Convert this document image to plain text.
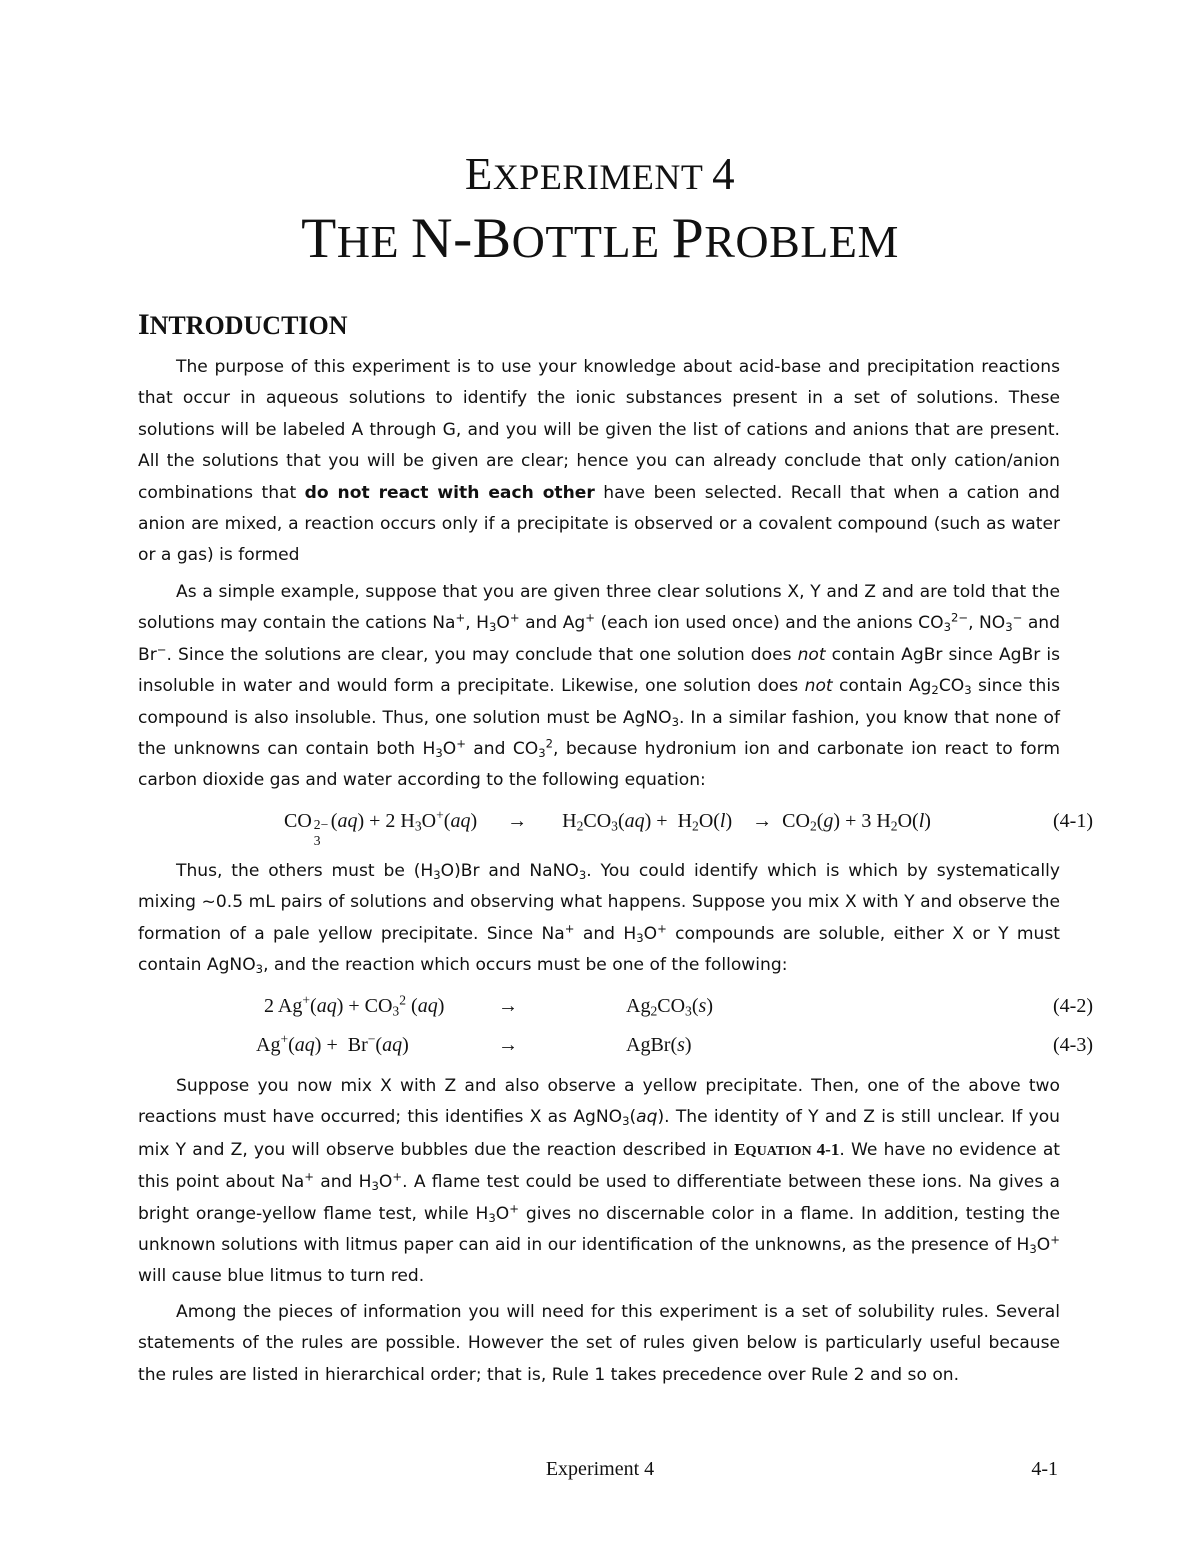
EXPERIMENT 4
THE N-BOTTLE PROBLEM
INTRODUCTION

The purpose of this experiment is to use your knowledge about acid-base and precipitation reactions that occur in aqueous solutions to identify the ionic substances present in a set of solutions. These solutions will be labeled A through G, and you will be given the list of cations and anions that are present. All the solutions that you will be given are clear; hence you can already conclude that only cation/anion combinations that do not react with each other have been selected. Recall that when a cation and anion are mixed, a reaction occurs only if a precipitate is observed or a covalent compound (such as water or a gas) is formed

As a simple example, suppose that you are given three clear solutions X, Y and Z and are told that the solutions may contain the cations Na+, $H_3O^+$ and Ag+ (each ion used once) and the anions $CO_3^{2-}$, $NO_3^-$ and Br−. Since the solutions are clear, you may conclude that one solution does not contain AgBr since AgBr is insoluble in water and would form a precipitate. Likewise, one solution does not contain $Ag_2CO_3$ since this compound is also insoluble. Thus, one solution must be AgNO$_3$. In a similar fashion, you know that none of the unknowns can contain both $H_3O^+$ and $CO_3^2$, because hydronium ion and carbonate ion react to form carbon dioxide gas and water according to the following equation:

CO 2−
3
(aq) + 2 $H_3O^+(aq)$      →       $H_2CO_3(aq) + H_2O(l)$    →  $CO_2(g) + 3$ $H_2O(l)$	(4-1)

Thus, the others must be $(H_3O)Br$ and NaNO$_3$. You could identify which is which by systematically mixing ~0.5 mL pairs of solutions and observing what happens. Suppose you mix X with Y and observe the formation of a pale yellow precipitate. Since Na+ and $H_3O^+$ compounds are soluble, either X or Y must contain AgNO$_3$, and the reaction which occurs must be one of the following:

2 $Ag^+(aq) + CO_3^2$ (aq)	→	$Ag_2CO_3(s)$	(4-2)
Ag+(aq) +  Br−(aq)	→	AgBr(s)	(4-3)

Suppose you now mix X with Z and also observe a yellow precipitate. Then, one of the above two reactions must have occurred; this identifies X as AgNO$_3$(aq). The identity of Y and Z is still unclear. If you mix Y and Z, you will observe bubbles due the reaction described in EQUATION 4-1. We have no evidence at this point about Na+ and $H_3O^+$. A flame test could be used to differentiate between these ions. Na gives a bright orange-yellow flame test, while $H_3O^+$ gives no discernable color in a flame. In addition, testing the unknown solutions with litmus paper can aid in our identification of the unknowns, as the presence of $H_3O^+$ will cause blue litmus to turn red.

Among the pieces of information you will need for this experiment is a set of solubility rules. Several statements of the rules are possible. However the set of rules given below is particularly useful because the rules are listed in hierarchical order; that is, Rule 1 takes precedence over Rule 2 and so on.

Experiment 4	4-1
